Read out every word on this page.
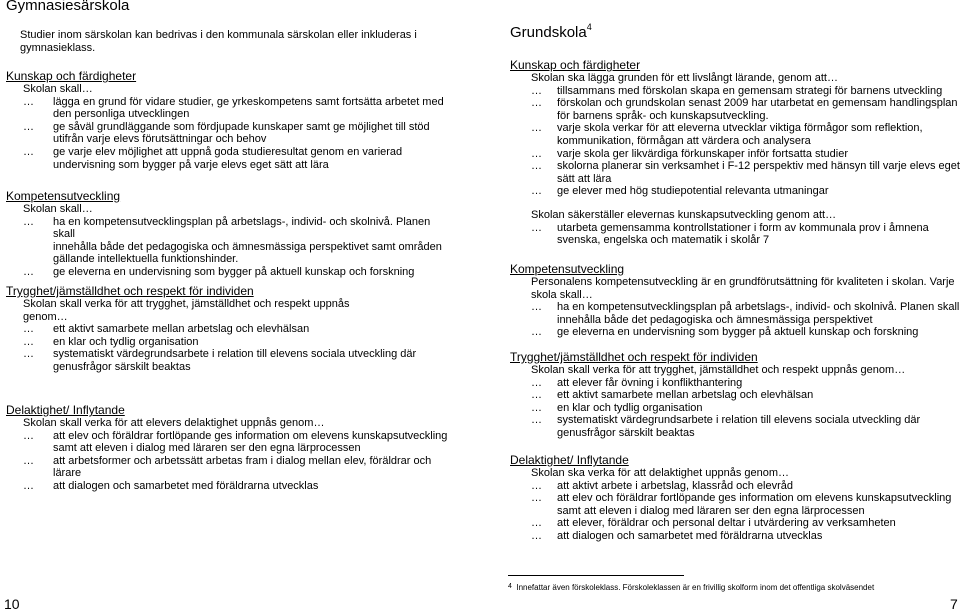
Gymnasiesärskola
Studier inom särskolan kan bedrivas i den kommunala särskolan eller inkluderas i
gymnasieklass.
Kunskap och färdigheter
Skolan skall…
…	lägga en grund för vidare studier, ge yrkeskompetens samt fortsätta arbetet med
den personliga utvecklingen
…	ge såväl grundläggande som fördjupade kunskaper samt ge möjlighet till stöd
utifrån varje elevs förutsättningar och behov
…	ge varje elev möjlighet att uppnå goda studieresultat genom en varierad
undervisning som bygger på varje elevs eget sätt att lära
Kompetensutveckling
Skolan skall…
…	ha en kompetensutvecklingsplan på arbetslags-, individ- och skolnivå. Planen skall
innehålla både det pedagogiska och ämnesmässiga perspektivet samt områden
gällande intellektuella funktionshinder.
…	ge eleverna en undervisning som bygger på aktuell kunskap och forskning
Trygghet/jämställdhet och respekt för individen
Skolan skall verka för att trygghet, jämställdhet och respekt uppnås
genom…
…	ett aktivt samarbete mellan arbetslag och elevhälsan
…	en klar och tydlig organisation
…	systematiskt värdegrundsarbete i relation till elevens sociala utveckling där
genusfrågor särskilt beaktas
Delaktighet/ Inflytande
Skolan skall verka för att elevers delaktighet uppnås genom…
…	att elev och föräldrar fortlöpande ges information om elevens kunskapsutveckling
samt att eleven i dialog med läraren ser den egna lärprocessen
…	att arbetsformer och arbetssätt arbetas fram i dialog mellan elev, föräldrar och
lärare
…	att dialogen och samarbetet med föräldrarna utvecklas
10
Grundskola$^4$
Kunskap och färdigheter
Skolan ska lägga grunden för ett livslångt lärande, genom att…
…	tillsammans med förskolan skapa en gemensam strategi för barnens utveckling
…	förskolan och grundskolan senast 2009 har utarbetat en gemensam handlingsplan
för barnens språk- och kunskapsutveckling.
…	varje skola verkar för att eleverna utvecklar viktiga förmågor som reflektion,
kommunikation, förmågan att värdera och analysera
…	varje skola ger likvärdiga förkunskaper inför fortsatta studier
…	skolorna planerar sin verksamhet i F-12 perspektiv med hänsyn till varje elevs eget
sätt att lära
…	ge elever med hög studiepotential relevanta utmaningar
Skolan säkerställer elevernas kunskapsutveckling genom att…
…	utarbeta gemensamma kontrollstationer i form av kommunala prov i åmnena
svenska, engelska och matematik i skolår 7
Kompetensutveckling
Personalens kompetensutveckling är en grundförutsättning för kvaliteten i skolan. Varje
skola skall…
…	ha en kompetensutvecklingsplan på arbetslags-, individ- och skolnivå. Planen skall
innehålla både det pedagogiska och ämnesmässiga perspektivet
…	ge eleverna en undervisning som bygger på aktuell kunskap och forskning
Trygghet/jämställdhet och respekt för individen
Skolan skall verka för att trygghet, jämställdhet och respekt uppnås genom…
…	att elever får övning i konflikthantering
…	ett aktivt samarbete mellan arbetslag och elevhälsan
…	en klar och tydlig organisation
…	systematiskt värdegrundsarbete i relation till elevens sociala utveckling där
genusfrågor särskilt beaktas
Delaktighet/ Inflytande
Skolan ska verka för att delaktighet uppnås genom…
…	att aktivt arbete i arbetslag, klassråd och elevråd
…	att elev och föräldrar fortlöpande ges information om elevens kunskapsutveckling
samt att eleven i dialog med läraren ser den egna lärprocessen
…	att elever, föräldrar och personal deltar i utvärdering av verksamheten
…	att dialogen och samarbetet med föräldrarna utvecklas
$^4$ Innefattar även förskoleklass. Förskoleklassen är en frivillig skolform inom det offentliga skolväsendet
7
